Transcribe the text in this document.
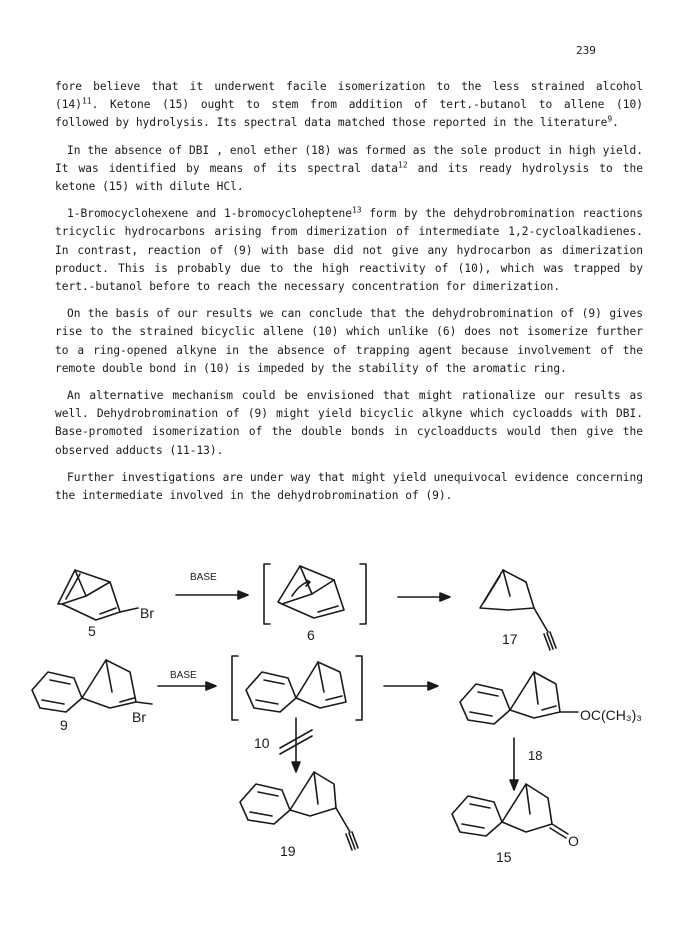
239

fore believe that it underwent facile isomerization to the less strained alcohol $(14)^{11}$. Ketone (15) ought to stem from addition of tert.-butanol to allene (10) followed by hydrolysis. Its spectral data matched those reported in the literature$^9$.

In the absence of DBI , enol ether (18) was formed as the sole product in high yield. It was identified by means of its spectral data$^{12}$ and its ready hydrolysis to the ketone (15) with dilute HCl.

1-Bromocyclohexene and 1-bromocycloheptene$^{13}$ form by the dehydrobromination reactions tricyclic hydrocarbons arising from dimerization of intermediate 1,2-cycloalkadienes. In contrast, reaction of (9) with base did not give any hydrocarbon as dimerization product. This is probably due to the high reactivity of (10), which was trapped by tert.-butanol before to reach the necessary concentration for dimerization.

On the basis of our results we can conclude that the dehydrobromination of (9) gives rise to the strained bicyclic allene (10) which unlike (6) does not isomerize further to a ring-opened alkyne in the absence of trapping agent because involvement of the remote double bond in (10) is impeded by the stability of the aromatic ring.

An alternative mechanism could be envisioned that might rationalize our results as well. Dehydrobromination of (9) might yield bicyclic alkyne which cycloadds with DBI. Base-promoted isomerization of the double bonds in cycloadducts would then give the observed adducts (11-13).

Further investigations are under way that might yield unequivocal evidence concerning the intermediate involved in the dehydrobromination of (9).

Br
5
BASE
6	17
Br
9
BASE
10
OC(CH₃)₃
18
19
O
15
